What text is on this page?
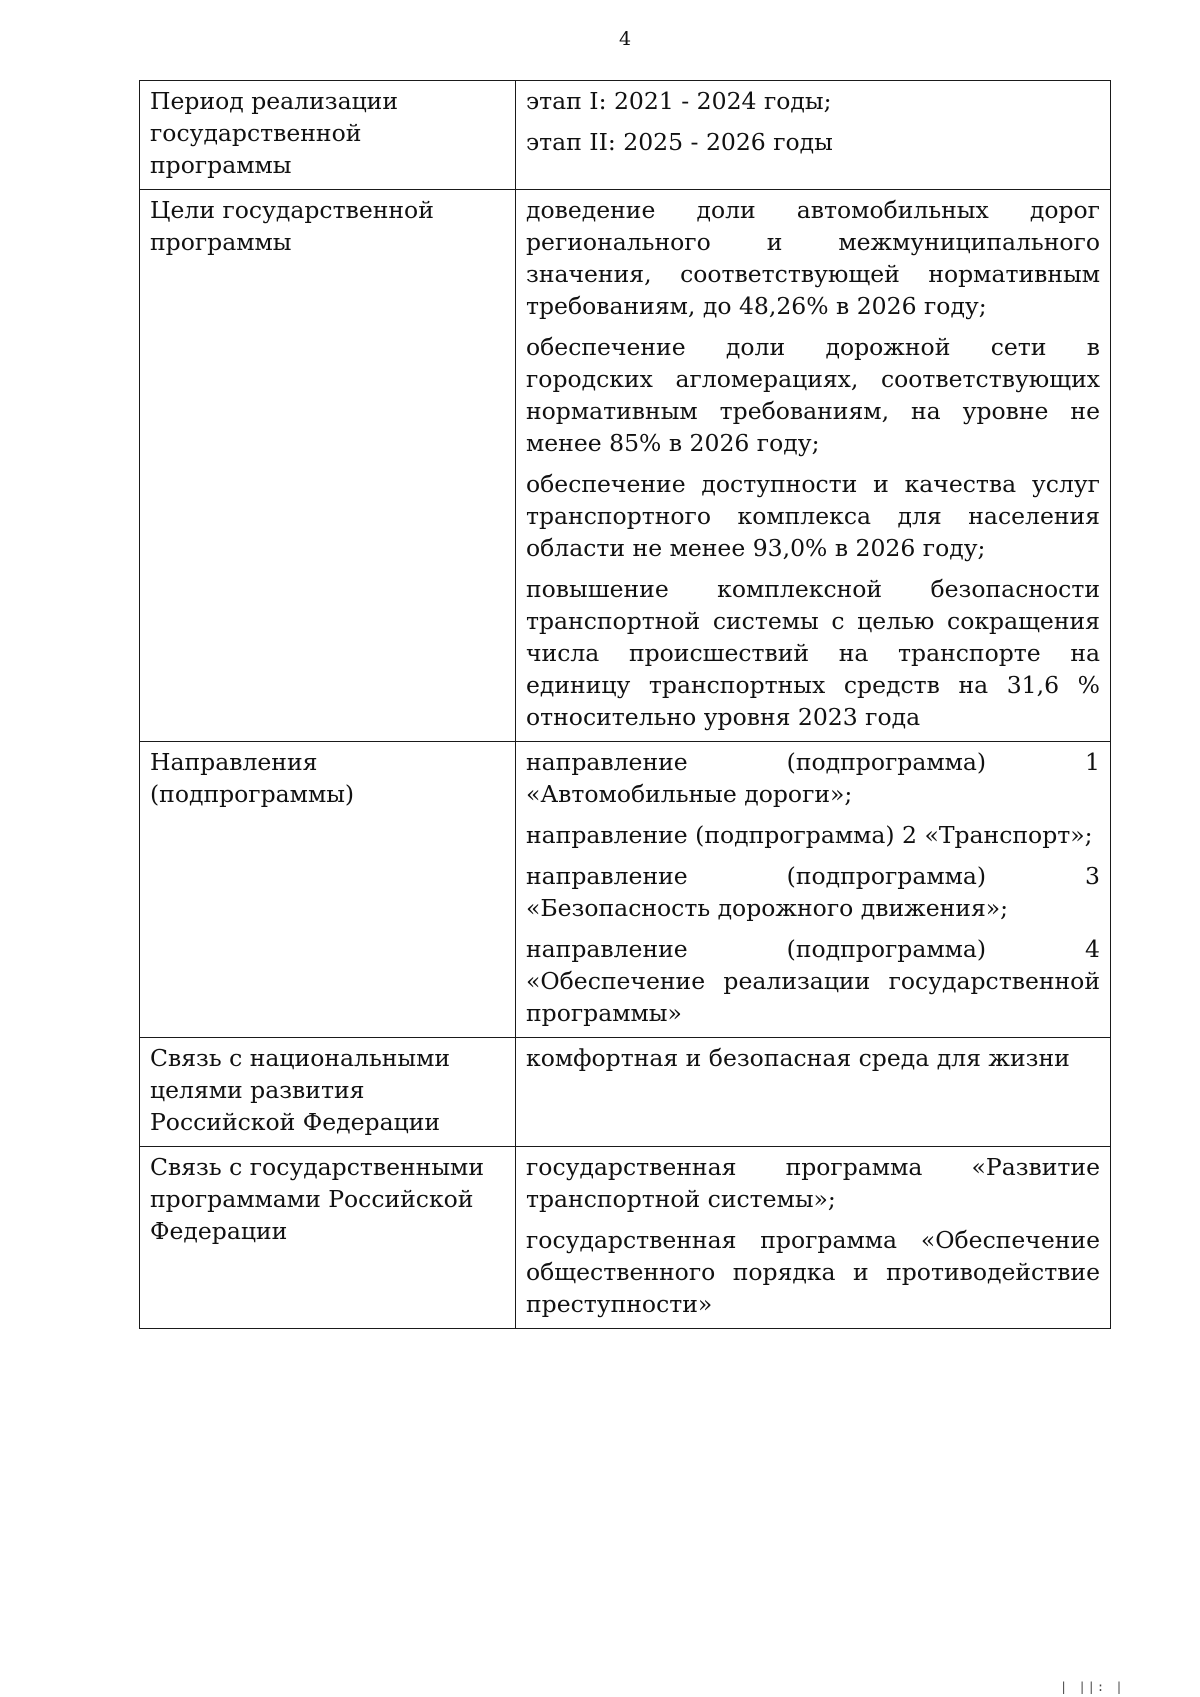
4
Период реализации государственной программы	этап I: 2021 - 2024 годы;

этап II: 2025 - 2026 годы

Цели государственной программы	доведение доли автомобильных дорог регионального и межмуниципального значения, соответствующей нормативным требованиям, до 48,26% в 2026 году;

обеспечение доли дорожной сети в городских агломерациях, соответствующих нормативным требованиям, на уровне не менее 85% в 2026 году;

обеспечение доступности и качества услуг транспортного комплекса для населения области не менее 93,0% в 2026 году;

повышение комплексной безопасности транспортной системы с целью сокращения числа происшествий на транспорте на единицу транспортных средств на 31,6 % относительно уровня 2023 года

Направления (подпрограммы)	направление (подпрограмма) 1 «Автомобильные дороги»;

направление (подпрограмма) 2 «Транспорт»;

направление (подпрограмма) 3 «Безопасность дорожного движения»;

направление (подпрограмма) 4 «Обеспечение реализации государственной программы»

Связь с национальными целями развития Российской Федерации	комфортная и безопасная среда для жизни

Связь с государственными программами Российской Федерации	государственная программа «Развитие транспортной системы»;

государственная программа «Обеспечение общественного порядка и противодействие преступности»

| ||: |
